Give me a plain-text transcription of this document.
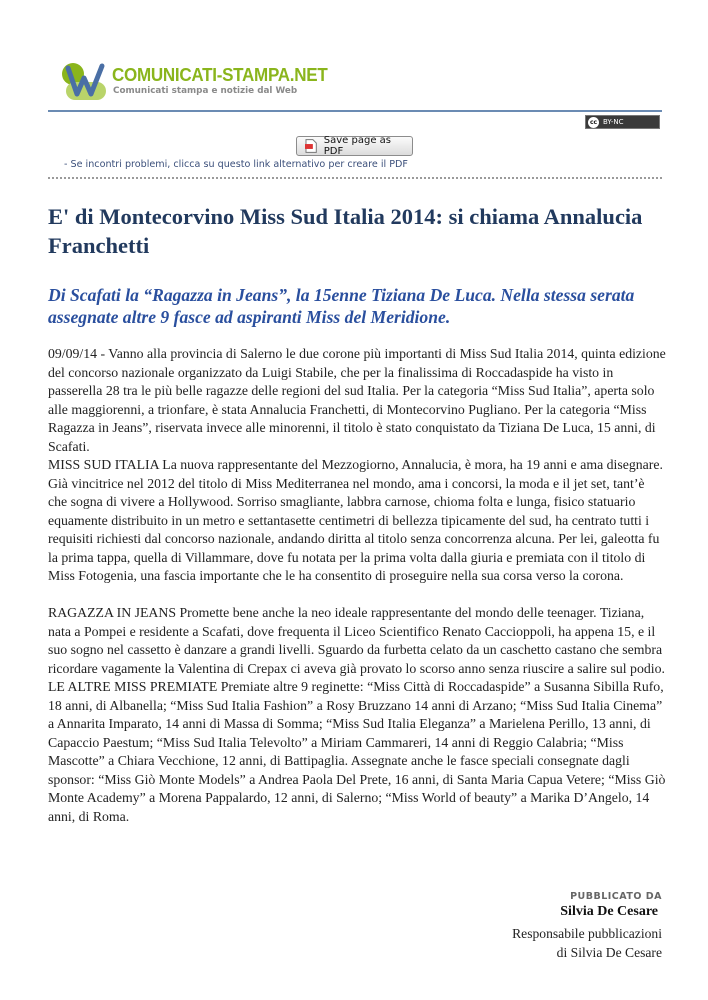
COMUNICATI-STAMPA.NET
Comunicati stampa e notizie dal Web
cc BY-NC
Save page as PDF
- Se incontri problemi, clicca su questo link alternativo per creare il PDF
E' di Montecorvino Miss Sud Italia 2014: si chiama Annalucia Franchetti
Di Scafati la “Ragazza in Jeans”, la 15enne Tiziana De Luca. Nella stessa serata assegnate altre 9 fasce ad aspiranti Miss del Meridione.

09/09/14 - Vanno alla provincia di Salerno le due corone più importanti di Miss Sud Italia 2014, quinta edizione del concorso nazionale organizzato da Luigi Stabile, che per la finalissima di Roccadaspide ha visto in passerella 28 tra le più belle ragazze delle regioni del sud Italia. Per la categoria “Miss Sud Italia”, aperta solo alle maggiorenni, a trionfare, è stata Annalucia Franchetti, di Montecorvino Pugliano. Per la categoria “Miss Ragazza in Jeans”, riservata invece alle minorenni, il titolo è stato conquistato da Tiziana De Luca, 15 anni, di Scafati.

MISS SUD ITALIA La nuova rappresentante del Mezzogiorno, Annalucia, è mora, ha 19 anni e ama disegnare. Già vincitrice nel 2012 del titolo di Miss Mediterranea nel mondo, ama i concorsi, la moda e il jet set, tant’è che sogna di vivere a Hollywood. Sorriso smagliante, labbra carnose, chioma folta e lunga, fisico statuario equamente distribuito in un metro e settantasette centimetri di bellezza tipicamente del sud, ha centrato tutti i requisiti richiesti dal concorso nazionale, andando diritta al titolo senza concorrenza alcuna. Per lei, galeotta fu la prima tappa, quella di Villammare, dove fu notata per la prima volta dalla giuria e premiata con il titolo di Miss Fotogenia, una fascia importante che le ha consentito di proseguire nella sua corsa verso la corona.

RAGAZZA IN JEANS Promette bene anche la neo ideale rappresentante del mondo delle teenager. Tiziana, nata a Pompei e residente a Scafati, dove frequenta il Liceo Scientifico Renato Caccioppoli, ha appena 15, e il suo sogno nel cassetto è danzare a grandi livelli. Sguardo da furbetta celato da un caschetto castano che sembra ricordare vagamente la Valentina di Crepax ci aveva già provato lo scorso anno senza riuscire a salire sul podio.

LE ALTRE MISS PREMIATE Premiate altre 9 reginette: “Miss Città di Roccadaspide” a Susanna Sibilla Rufo, 18 anni, di Albanella; “Miss Sud Italia Fashion” a Rosy Bruzzano 14 anni di Arzano; “Miss Sud Italia Cinema” a Annarita Imparato, 14 anni di Massa di Somma; “Miss Sud Italia Eleganza” a Marielena Perillo, 13 anni, di Capaccio Paestum; “Miss Sud Italia Televolto” a Miriam Cammareri, 14 anni di Reggio Calabria; “Miss Mascotte” a Chiara Vecchione, 12 anni, di Battipaglia. Assegnate anche le fasce speciali consegnate dagli sponsor: “Miss Giò Monte Models” a Andrea Paola Del Prete, 16 anni, di Santa Maria Capua Vetere; “Miss Giò Monte Academy” a Morena Pappalardo, 12 anni, di Salerno; “Miss World of beauty” a Marika D’Angelo, 14 anni, di Roma.

PUBBLICATO DA
Silvia De Cesare
Responsabile pubblicazioni
di Silvia De Cesare
